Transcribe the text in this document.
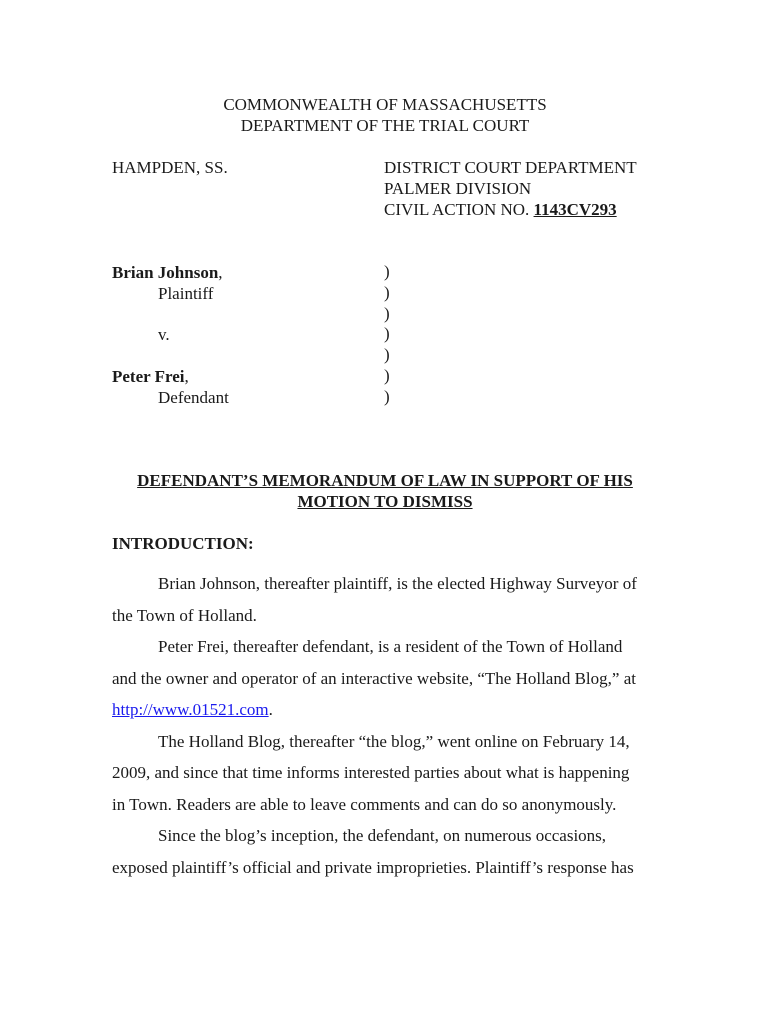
COMMONWEALTH OF MASSACHUSETTS
DEPARTMENT OF THE TRIAL COURT
HAMPDEN, SS.	DISTRICT COURT DEPARTMENT
PALMER DIVISION
CIVIL ACTION NO. 1143CV293
Brian Johnson,
Plaintiff
v.
Peter Frei,
Defendant
)
)
)
)
)
)
)
DEFENDANT’S MEMORANDUM OF LAW IN SUPPORT OF HIS
MOTION TO DISMISS
INTRODUCTION:
Brian Johnson, thereafter plaintiff, is the elected Highway Surveyor of
the Town of Holland.
Peter Frei, thereafter defendant, is a resident of the Town of Holland
and the owner and operator of an interactive website, “The Holland Blog,” at
http://www.01521.com.
The Holland Blog, thereafter “the blog,” went online on February 14,
2009, and since that time informs interested parties about what is happening
in Town. Readers are able to leave comments and can do so anonymously.
Since the blog’s inception, the defendant, on numerous occasions,
exposed plaintiff’s official and private improprieties. Plaintiff’s response has
